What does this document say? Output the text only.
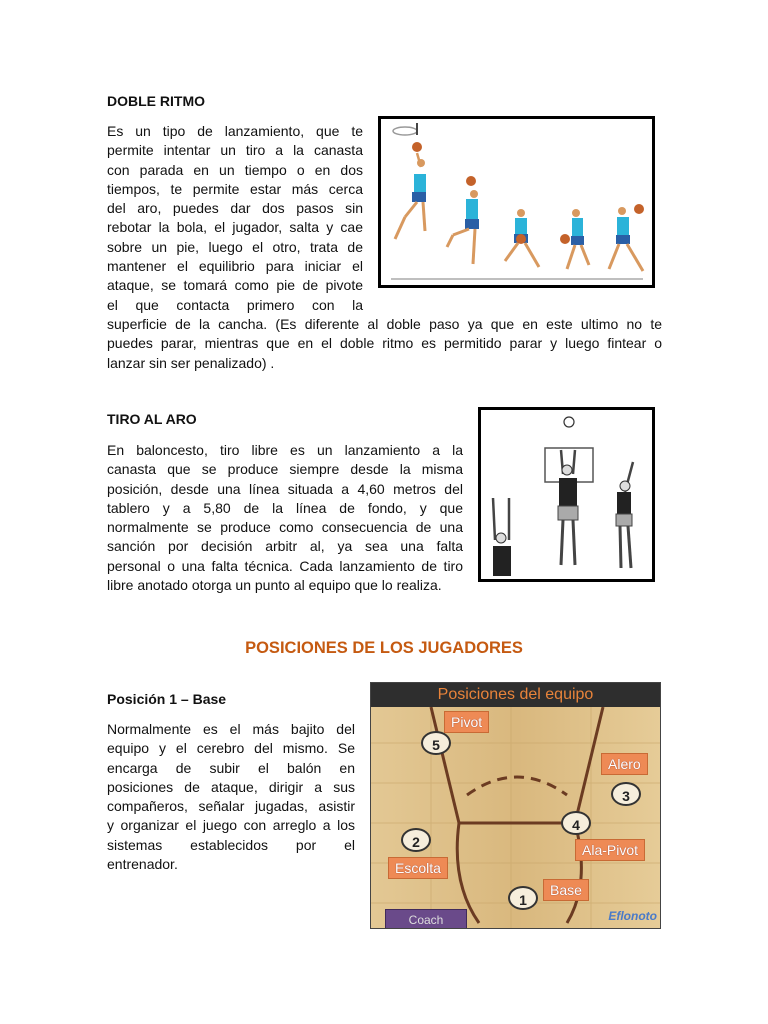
DOBLE RITMO
Es un tipo de lanzamiento, que te
permite intentar un tiro a la canasta
con parada en un tiempo o en dos
tiempos, te permite estar más cerca
del aro, puedes dar dos pasos sin
rebotar la bola, el jugador, salta y cae
sobre un pie, luego el otro, trata de
mantener el equilibrio para iniciar el
ataque, se tomará como pie de pivote
el que contacta primero con la
superficie de la cancha. (Es diferente al doble paso ya que en este ultimo no te
puedes parar, mientras que en el doble ritmo es permitido parar y luego fintear o
lanzar sin ser penalizado) .
TIRO AL ARO
En baloncesto, tiro libre es un lanzamiento a la
canasta que se produce siempre desde la misma
posición, desde una línea situada a 4,60 metros del
tablero y a 5,80 de la línea de fondo, y que
normalmente se produce como consecuencia de una
sanción por decisión arbitr al, ya sea una falta
personal o una falta técnica. Cada lanzamiento de tiro
libre anotado otorga un punto al equipo que lo realiza.
POSICIONES DE LOS JUGADORES
Posición 1 – Base
Normalmente es el más bajito del
equipo y el cerebro del mismo. Se
encarga de subir el balón en
posiciones de ataque, dirigir a sus
compañeros, señalar jugadas, asistir
y organizar el juego con arreglo a los
sistemas establecidos por el
entrenador.
Posiciones del equipo
Pivot
5
Alero
3
4
Ala-Pivot
2
Escolta
Base
1
Coach	Eflonoto
